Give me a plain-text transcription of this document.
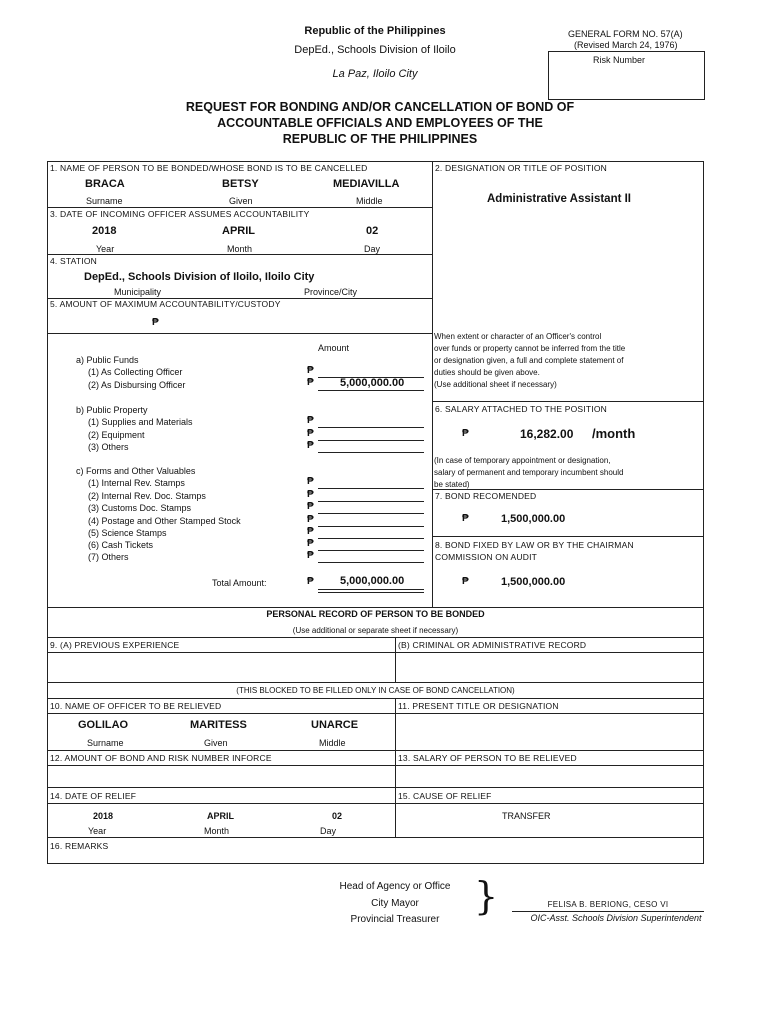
Republic of the Philippines
DepEd., Schools Division of Iloilo
La Paz, Iloilo City
GENERAL FORM NO. 57(A)
(Revised March 24, 1976)
Risk Number
REQUEST FOR BONDING AND/OR CANCELLATION OF BOND OF
ACCOUNTABLE OFFICIALS AND EMPLOYEES OF THE
REPUBLIC OF THE PHILIPPINES
1. NAME OF PERSON TO BE BONDED/WHOSE BOND IS TO BE CANCELLED
BRACA	BETSY	MEDIAVILLA
Surname	Given	Middle
2. DESIGNATION OR TITLE OF POSITION
Administrative Assistant II
3. DATE OF INCOMING OFFICER ASSUMES ACCOUNTABILITY
2018	APRIL	02
Year	Month	Day
4. STATION
DepEd., Schools Division of Iloilo, Iloilo City
Municipality	Province/City
5. AMOUNT OF MAXIMUM ACCOUNTABILITY/CUSTODY
₱
Amount
a) Public Funds
(1) As Collecting Officer	₱
(2) As Disbursing Officer	₱ 5,000,000.00
b) Public Property
(1) Supplies and Materials	₱
(2) Equipment	₱
(3) Others	₱
c) Forms and Other Valuables
(1) Internal Rev. Stamps	₱
(2) Internal Rev. Doc. Stamps	₱
(3) Customs Doc. Stamps	₱
(4) Postage and Other Stamped Stock	₱
(5) Science Stamps	₱
(6) Cash Tickets	₱
(7) Others	₱
Total Amount:	₱ 5,000,000.00
When extent or character of an Officer's control
over funds or property cannot be inferred from the title
or designation given, a full and complete statement of
duties should be given above.
(Use additional sheet if necessary)
6. SALARY ATTACHED TO THE POSITION
₱	16,282.00 /month
(In case of temporary appointment or designation,
salary of permanent and temporary incumbent should
be stated)
7. BOND RECOMENDED
₱	1,500,000.00
8. BOND FIXED BY LAW OR BY THE CHAIRMAN
COMMISSION ON AUDIT
₱	1,500,000.00
PERSONAL RECORD OF PERSON TO BE BONDED
(Use additional or separate sheet if necessary)
9. (A) PREVIOUS EXPERIENCE	(B) CRIMINAL OR ADMINISTRATIVE RECORD
(THIS BLOCKED TO BE FILLED ONLY IN CASE OF BOND CANCELLATION)
10. NAME OF OFFICER TO BE RELIEVED
GOLILAO	MARITESS	UNARCE
Surname	Given	Middle
11. PRESENT TITLE OR DESIGNATION
12. AMOUNT OF BOND AND RISK NUMBER INFORCE	13. SALARY OF PERSON TO BE RELIEVED
14. DATE OF RELIEF
2018	APRIL	02
Year	Month	Day
15. CAUSE OF RELIEF
TRANSFER
16. REMARKS
Head of Agency or Office
City Mayor
Provincial Treasurer
}	FELISA B. BERIONG, CESO VI
OIC-Asst. Schools Division Superintendent
